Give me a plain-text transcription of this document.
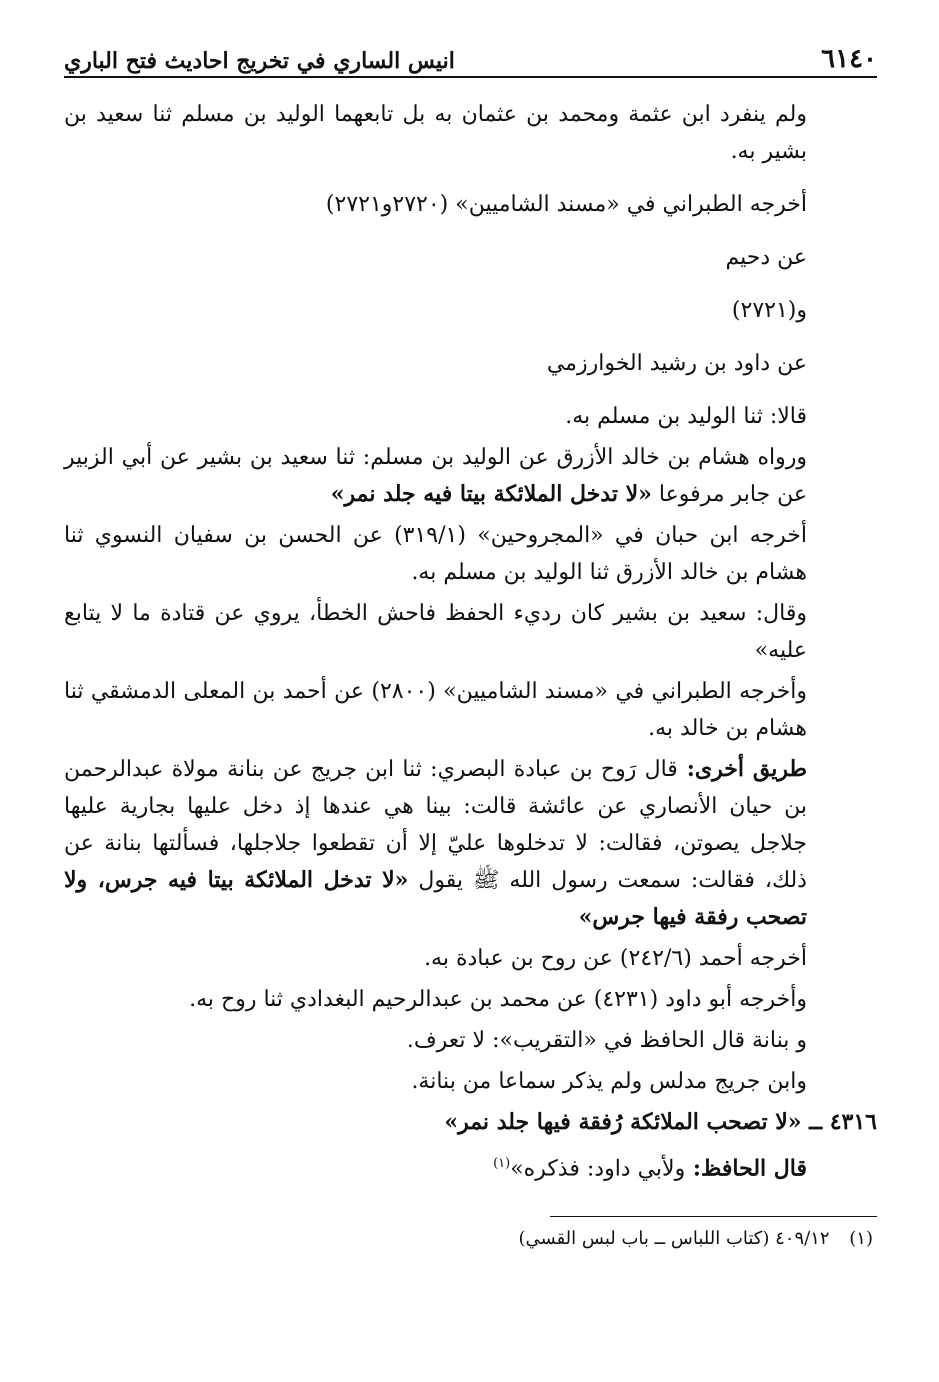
٦١٤٠
انيس الساري في تخريج احاديث فتح الباري

ولم ينفرد ابن عثمة ومحمد بن عثمان به بل تابعهما الوليد بن مسلم ثنا سعيد بن بشير به.

أخرجه الطبراني في «مسند الشاميين» (٢٧٢٠و٢٧٢١)

عن دحيم

و(٢٧٢١)

عن داود بن رشيد الخوارزمي

قالا: ثنا الوليد بن مسلم به.

ورواه هشام بن خالد الأزرق عن الوليد بن مسلم: ثنا سعيد بن بشير عن أبي الزبير عن جابر مرفوعا «لا تدخل الملائكة بيتا فيه جلد نمر»

أخرجه ابن حبان في «المجروحين» (٣١٩/١) عن الحسن بن سفيان النسوي ثنا هشام بن خالد الأزرق ثنا الوليد بن مسلم به.

وقال: سعيد بن بشير كان رديء الحفظ فاحش الخطأ، يروي عن قتادة ما لا يتابع عليه»

وأخرجه الطبراني في «مسند الشاميين» (٢٨٠٠) عن أحمد بن المعلى الدمشقي ثنا هشام بن خالد به.

طريق أخرى: قال رَوح بن عبادة البصري: ثنا ابن جريج عن بنانة مولاة عبدالرحمن بن حيان الأنصاري عن عائشة قالت: بينا هي عندها إذ دخل عليها بجارية عليها جلاجل يصوتن، فقالت: لا تدخلوها عليّ إلا أن تقطعوا جلاجلها، فسألتها بنانة عن ذلك، فقالت: سمعت رسول الله ﷺ يقول «لا تدخل الملائكة بيتا فيه جرس، ولا تصحب رفقة فيها جرس»

أخرجه أحمد (٢٤٢/٦) عن روح بن عبادة به.

وأخرجه أبو داود (٤٢٣١) عن محمد بن عبدالرحيم البغدادي ثنا روح به.

و بنانة قال الحافظ في «التقريب»: لا تعرف.

وابن جريج مدلس ولم يذكر سماعا من بنانة.

٤٣١٦ ــ «لا تصحب الملائكة رُفقة فيها جلد نمر»

قال الحافظ: ولأبي داود: فذكره»$^{(١)}$

(١) ٤٠٩/١٢ (كتاب اللباس ــ باب لبس القسي)
